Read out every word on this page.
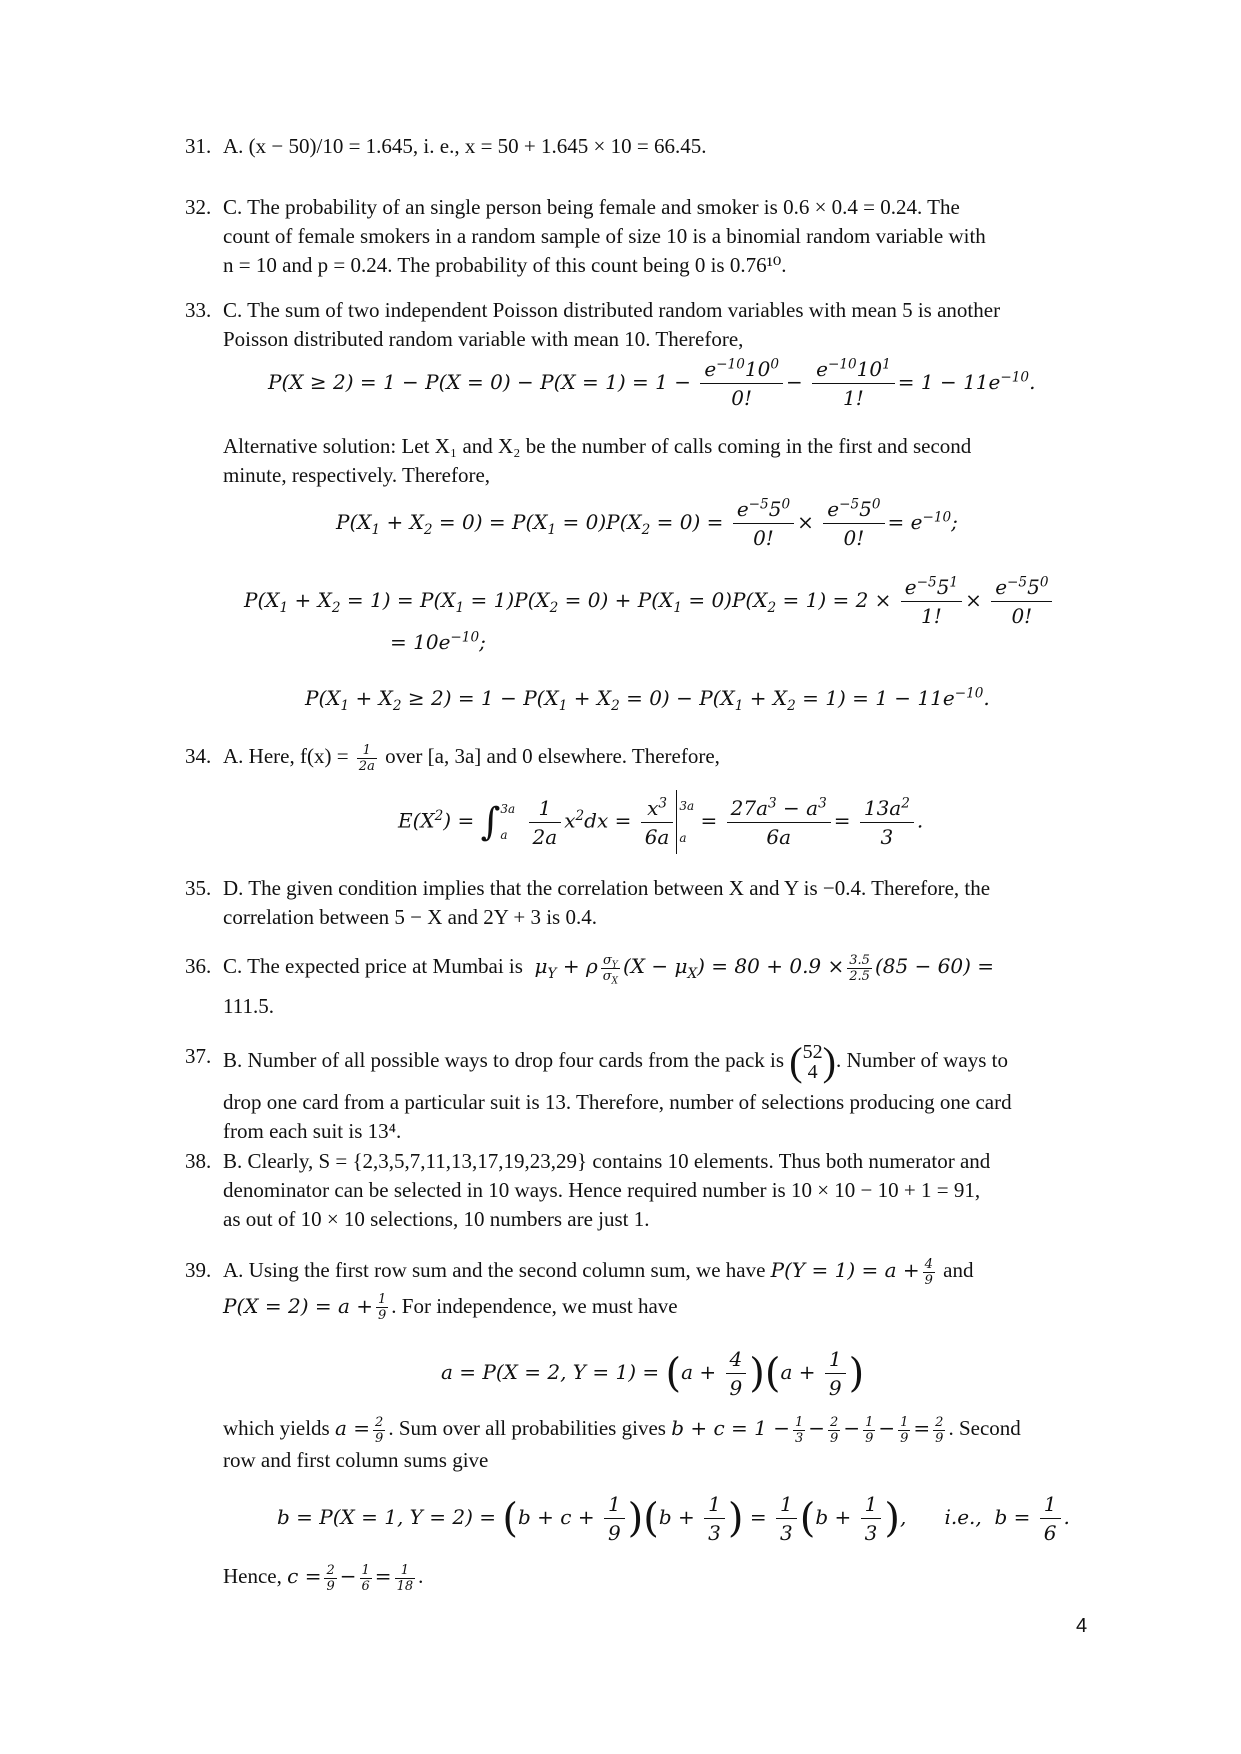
31. A. (x − 50)/10 = 1.645, i. e., x = 50 + 1.645 × 10 = 66.45.
32. C. The probability of an single person being female and smoker is 0.6 × 0.4 = 0.24. The
count of female smokers in a random sample of size 10 is a binomial random variable with
n = 10 and p = 0.24. The probability of this count being 0 is 0.76¹⁰.
33. C. The sum of two independent Poisson distributed random variables with mean 5 is another
Poisson distributed random variable with mean 10. Therefore,
$P(X \ge 2) = 1 - P(X = 0) - P(X = 1) = 1 - \frac{e^{-10}10^0}{0!} - \frac{e^{-10}10^1}{1!} = 1 - 11e^{-10}$.
Alternative solution: Let X₁ and X₂ be the number of calls coming in the first and second
minute, respectively. Therefore,
$P(X_1 + X_2 = 0) = P(X_1 = 0)P(X_2 = 0) = \frac{e^{-5}5^0}{0!} \times \frac{e^{-5}5^0}{0!} = e^{-10}$;
$P(X_1 + X_2 = 1) = P(X_1 = 1)P(X_2 = 0) + P(X_1 = 0)P(X_2 = 1) = 2 \times \frac{e^{-5}5^1}{1!} \times \frac{e^{-5}5^0}{0!}$
= $10e^{-10}$;
$P(X_1 + X_2 \ge 2) = 1 - P(X_1 + X_2 = 0) - P(X_1 + X_2 = 1) = 1 - 11e^{-10}$.
34. A. Here, $f(x) = \frac{1}{2a}$ over [a, 3a] and 0 elsewhere. Therefore,
$E(X^2)$ = ∫ 3a
a
	$\frac{1}{2a} x^2dx = \frac{x^3}{6a} 3a$
a
= $\frac{27a^3 - a^3}{6a} = \frac{13a^2}{3}$ .
35. D. The given condition implies that the correlation between X and Y is −0.4. Therefore, the
correlation between 5 − X and 2Y + 3 is 0.4.
36. C. The expected price at Mumbai is  $\mu_Y + \rho \frac{\sigma_Y}{\sigma_X} (X - \mu_X) = 80 + 0.9 \times \frac{3.5}{2.5} (85 - 60)$ =
111.5.
37. B. Number of all possible ways to drop four cards from the pack is ( 52
4 ). Number of ways to
drop one card from a particular suit is 13. Therefore, number of selections producing one card
from each suit is 13⁴.
38. B. Clearly, S = {2,3,5,7,11,13,17,19,23,29} contains 10 elements. Thus both numerator and
denominator can be selected in 10 ways. Hence required number is 10 × 10 − 10 + 1 = 91,
as out of 10 × 10 selections, 10 numbers are just 1.
39. A. Using the first row sum and the second column sum, we have $P(Y = 1) = a + \frac{4}{9}$ and
$P(X = 2) = a + \frac{1}{9}$ . For independence, we must have
a = P(X = 2, $Y = 1) = (a + \frac{4}{9} )(a + \frac{1}{9}$ )
which yields $a = \frac{2}{9}$ . Sum over all probabilities gives $b + c = 1 - \frac{1}{3} - \frac{2}{9} - \frac{1}{9} - \frac{1}{9} = \frac{2}{9}$ . Second
row and first column sums give
b = P(X = 1, $Y = 2) = (b + c + \frac{1}{9} )(b + \frac{1}{3}$ ) = $\frac{1}{3} (b + \frac{1}{3}$ ),      i.e.,  $b = \frac{1}{6}$ .
Hence, $c = \frac{2}{9} - \frac{1}{6} = \frac{1}{18}$ .
4
